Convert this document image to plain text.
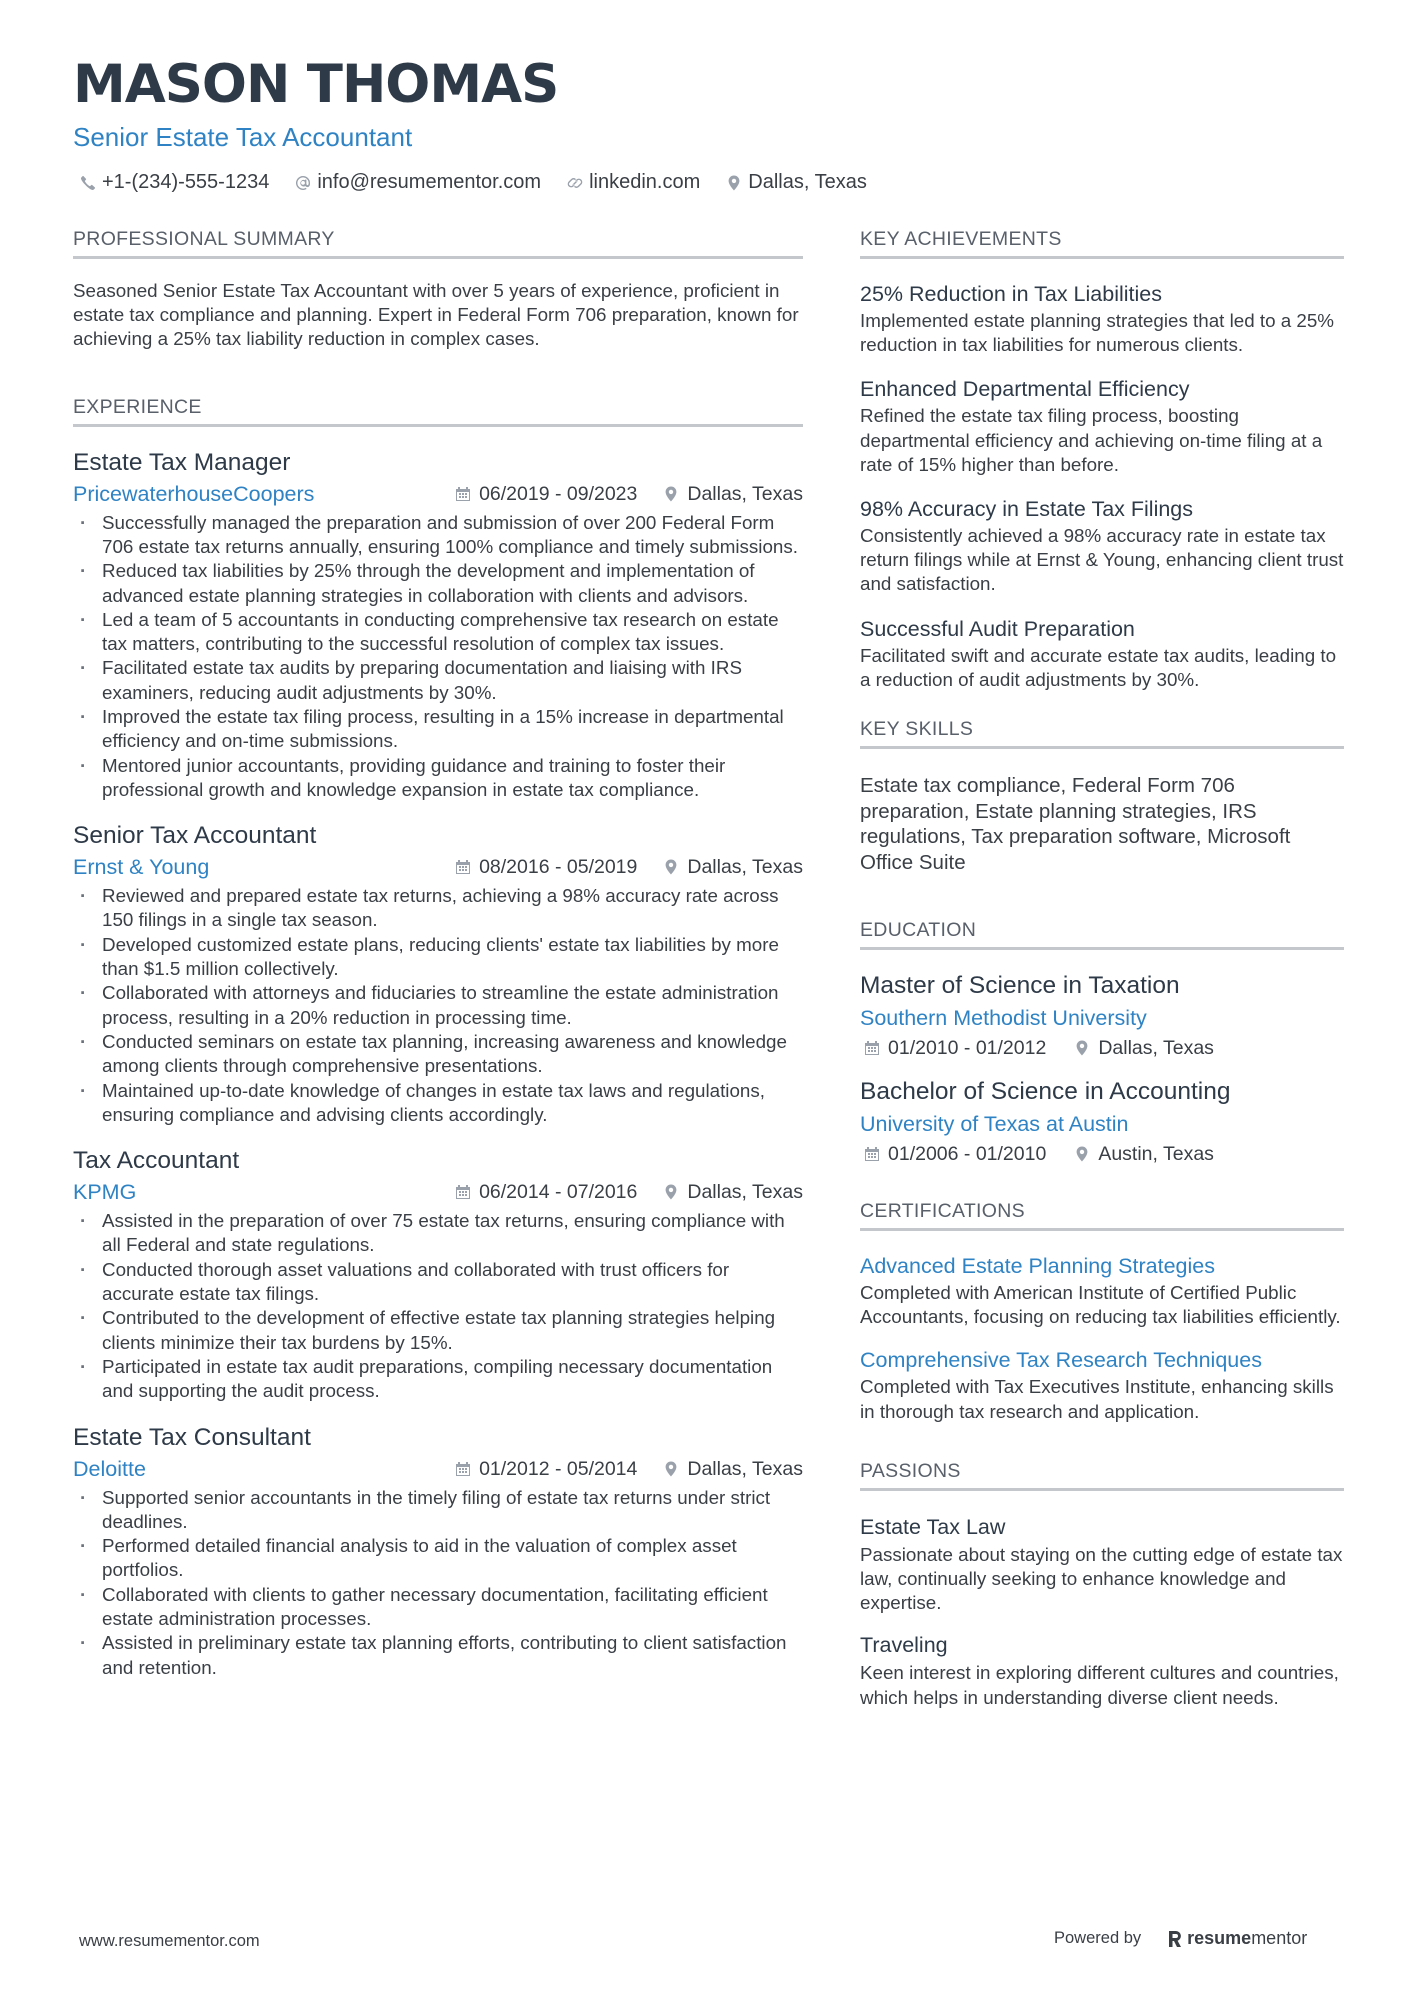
MASON THOMAS
Senior Estate Tax Accountant
+1-(234)-555-1234 info@resumementor.com linkedin.com Dallas, Texas
PROFESSIONAL SUMMARY

Seasoned Senior Estate Tax Accountant with over 5 years of experience, proficient in estate tax compliance and planning. Expert in Federal Form 706 preparation, known for achieving a 25% tax liability reduction in complex cases.

EXPERIENCE
Estate Tax Manager
PricewaterhouseCoopers	06/2019 - 09/2023	Dallas, Texas
· Successfully managed the preparation and submission of over 200 Federal Form 706 estate tax returns annually, ensuring 100% compliance and timely submissions.
· Reduced tax liabilities by 25% through the development and implementation of advanced estate planning strategies in collaboration with clients and advisors.
· Led a team of 5 accountants in conducting comprehensive tax research on estate tax matters, contributing to the successful resolution of complex tax issues.
· Facilitated estate tax audits by preparing documentation and liaising with IRS examiners, reducing audit adjustments by 30%.
· Improved the estate tax filing process, resulting in a 15% increase in departmental efficiency and on-time submissions.
· Mentored junior accountants, providing guidance and training to foster their professional growth and knowledge expansion in estate tax compliance.
Senior Tax Accountant
Ernst & Young	08/2016 - 05/2019	Dallas, Texas
· Reviewed and prepared estate tax returns, achieving a 98% accuracy rate across 150 filings in a single tax season.
· Developed customized estate plans, reducing clients' estate tax liabilities by more than $1.5 million collectively.
· Collaborated with attorneys and fiduciaries to streamline the estate administration process, resulting in a 20% reduction in processing time.
· Conducted seminars on estate tax planning, increasing awareness and knowledge among clients through comprehensive presentations.
· Maintained up-to-date knowledge of changes in estate tax laws and regulations, ensuring compliance and advising clients accordingly.
Tax Accountant
KPMG	06/2014 - 07/2016	Dallas, Texas
· Assisted in the preparation of over 75 estate tax returns, ensuring compliance with all Federal and state regulations.
· Conducted thorough asset valuations and collaborated with trust officers for accurate estate tax filings.
· Contributed to the development of effective estate tax planning strategies helping clients minimize their tax burdens by 15%.
· Participated in estate tax audit preparations, compiling necessary documentation and supporting the audit process.
Estate Tax Consultant
Deloitte	01/2012 - 05/2014	Dallas, Texas
· Supported senior accountants in the timely filing of estate tax returns under strict deadlines.
· Performed detailed financial analysis to aid in the valuation of complex asset portfolios.
· Collaborated with clients to gather necessary documentation, facilitating efficient estate administration processes.
· Assisted in preliminary estate tax planning efforts, contributing to client satisfaction and retention.
KEY ACHIEVEMENTS
25% Reduction in Tax Liabilities

Implemented estate planning strategies that led to a 25% reduction in tax liabilities for numerous clients.

Enhanced Departmental Efficiency

Refined the estate tax filing process, boosting departmental efficiency and achieving on-time filing at a rate of 15% higher than before.

98% Accuracy in Estate Tax Filings

Consistently achieved a 98% accuracy rate in estate tax return filings while at Ernst & Young, enhancing client trust and satisfaction.

Successful Audit Preparation

Facilitated swift and accurate estate tax audits, leading to a reduction of audit adjustments by 30%.

KEY SKILLS

Estate tax compliance, Federal Form 706 preparation, Estate planning strategies, IRS regulations, Tax preparation software, Microsoft Office Suite

EDUCATION
Master of Science in Taxation
Southern Methodist University
01/2010 - 01/2012	Dallas, Texas
Bachelor of Science in Accounting
University of Texas at Austin
01/2006 - 01/2010	Austin, Texas
CERTIFICATIONS
Advanced Estate Planning Strategies

Completed with American Institute of Certified Public Accountants, focusing on reducing tax liabilities efficiently.

Comprehensive Tax Research Techniques

Completed with Tax Executives Institute, enhancing skills in thorough tax research and application.

PASSIONS
Estate Tax Law

Passionate about staying on the cutting edge of estate tax law, continually seeking to enhance knowledge and expertise.

Traveling

Keen interest in exploring different cultures and countries, which helps in understanding diverse client needs.

www.resumementor.com	Powered by	resumementor
